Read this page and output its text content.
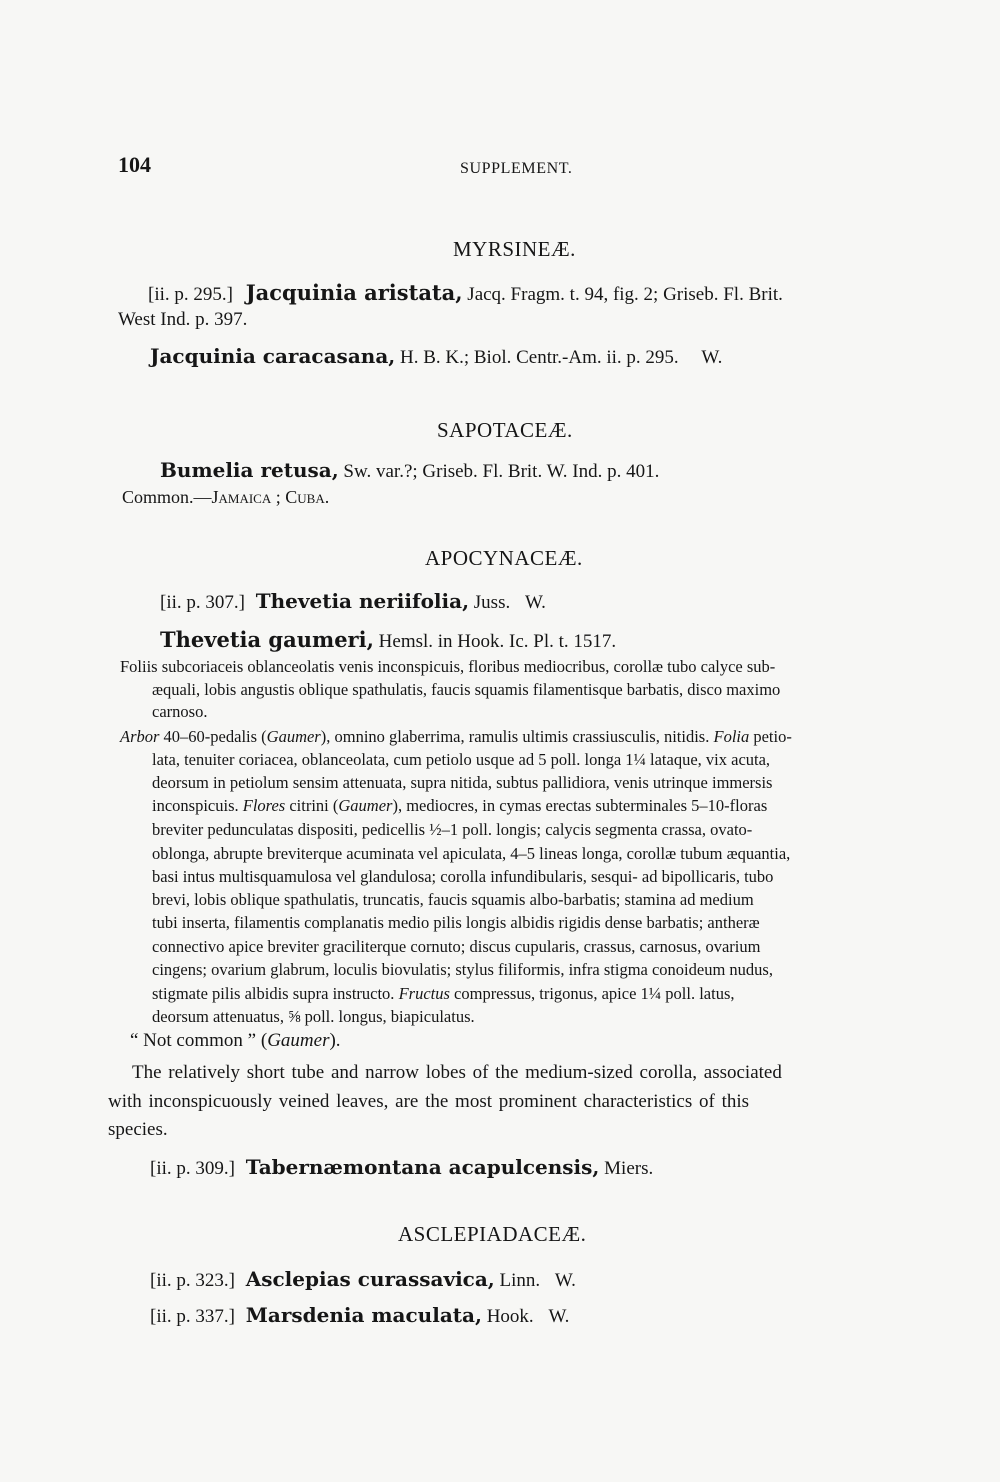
104	SUPPLEMENT.
MYRSINEÆ.
[ii. p. 295.] Jacquinia aristata, Jacq. Fragm. t. 94, fig. 2; Griseb. Fl. Brit.
West Ind. p. 397.
Jacquinia caracasana, H. B. K.; Biol. Centr.-Am. ii. p. 295. W.
SAPOTACEÆ.
Bumelia retusa, Sw. var.?; Griseb. Fl. Brit. W. Ind. p. 401.
Common.—Jamaica ; Cuba.
APOCYNACEÆ.
[ii. p. 307.] Thevetia neriifolia, Juss. W.
Thevetia gaumeri, Hemsl. in Hook. Ic. Pl. t. 1517.
Foliis subcoriaceis oblanceolatis venis inconspicuis, floribus mediocribus, corollæ tubo calyce sub-
æquali, lobis angustis oblique spathulatis, faucis squamis filamentisque barbatis, disco maximo
carnoso.
Arbor 40–60-pedalis (Gaumer), omnino glaberrima, ramulis ultimis crassiusculis, nitidis. Folia petio-
lata, tenuiter coriacea, oblanceolata, cum petiolo usque ad 5 poll. longa 1¼ lataque, vix acuta,
deorsum in petiolum sensim attenuata, supra nitida, subtus pallidiora, venis utrinque immersis
inconspicuis. Flores citrini (Gaumer), mediocres, in cymas erectas subterminales 5–10-floras
breviter pedunculatas dispositi, pedicellis ½–1 poll. longis; calycis segmenta crassa, ovato-
oblonga, abrupte breviterque acuminata vel apiculata, 4–5 lineas longa, corollæ tubum æquantia,
basi intus multisquamulosa vel glandulosa; corolla infundibularis, sesqui- ad bipollicaris, tubo
brevi, lobis oblique spathulatis, truncatis, faucis squamis albo-barbatis; stamina ad medium
tubi inserta, filamentis complanatis medio pilis longis albidis rigidis dense barbatis; antheræ
connectivo apice breviter graciliterque cornuto; discus cupularis, crassus, carnosus, ovarium
cingens; ovarium glabrum, loculis biovulatis; stylus filiformis, infra stigma conoideum nudus,
stigmate pilis albidis supra instructo. Fructus compressus, trigonus, apice 1¼ poll. latus,
deorsum attenuatus, ⅝ poll. longus, biapiculatus.
“ Not common ” (Gaumer).
The relatively short tube and narrow lobes of the medium-sized corolla, associated
with inconspicuously veined leaves, are the most prominent characteristics of this
species.
[ii. p. 309.] Tabernæmontana acapulcensis, Miers.
ASCLEPIADACEÆ.
[ii. p. 323.] Asclepias curassavica, Linn. W.
[ii. p. 337.] Marsdenia maculata, Hook. W.
